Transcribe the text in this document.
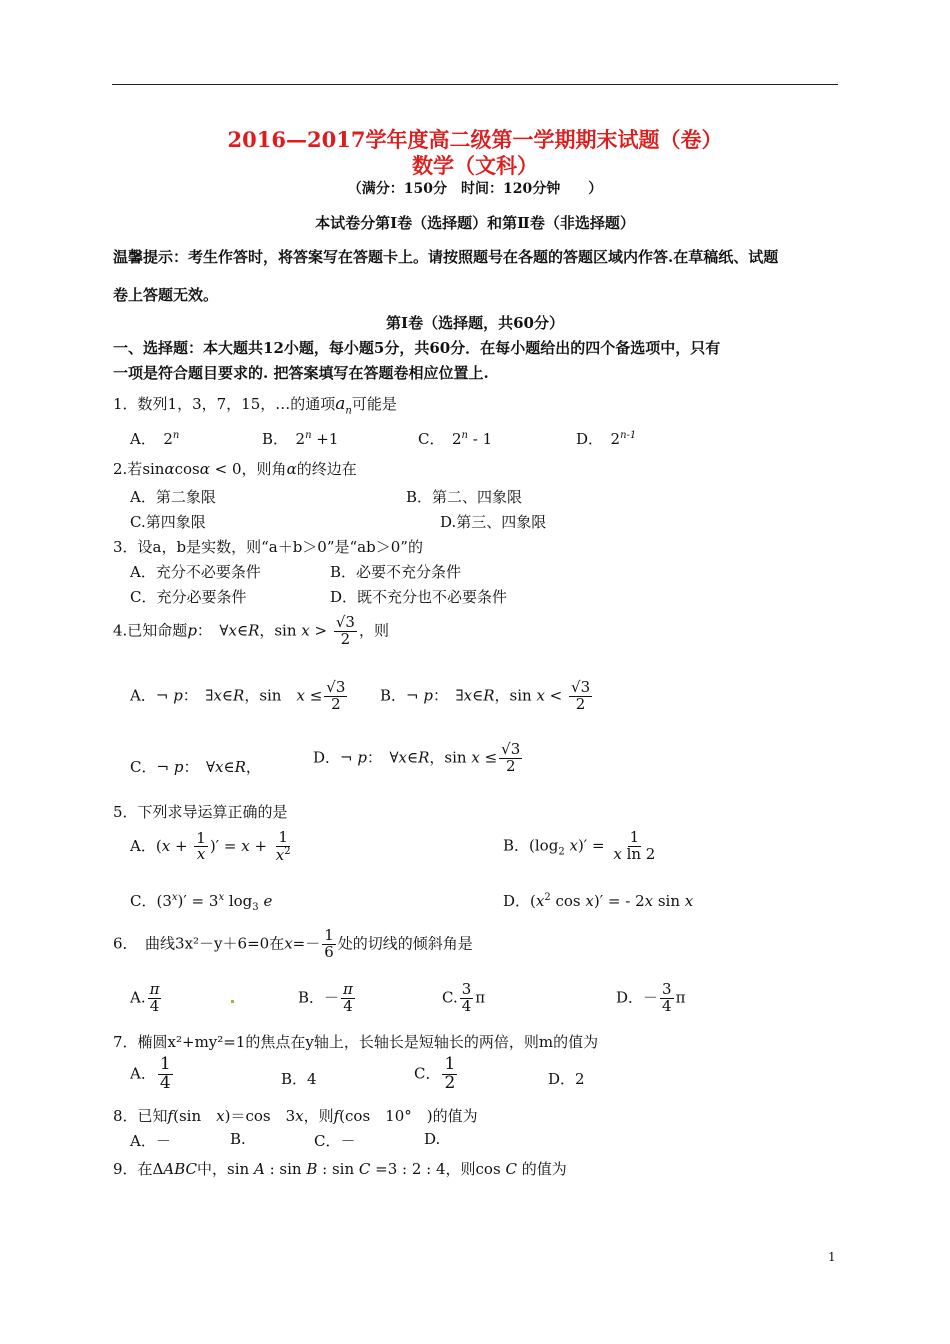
2016—2017学年度高二级第一学期期末试题（卷）
数学（文科）
（满分：150分　时间：120分钟　　）
本试卷分第Ⅰ卷（选择题）和第Ⅱ卷（非选择题）
温馨提示：考生作答时，将答案写在答题卡上。请按照题号在各题的答题区域内作答.在草稿纸、试题
卷上答题无效。
第Ⅰ卷（选择题，共60分）
一、选择题：本大题共12小题，每小题5分，共60分．在每小题给出的四个备选项中，只有
一项是符合题目要求的. 把答案填写在答题卷相应位置上.
1．数列1，3，7，15，…的通项$a_n$可能是
A．　2$^n$	B．　$2^n +1$	C．　2$^n$ - 1	D．　2$^{n-1}$
2.若sinαcosα < 0，则角α的终边在
A．第二象限	B．第二、四象限
C.第四象限	D.第三、四象限
3．设a，b是实数，则“a＋b＞0”是“ab＞0”的
A．充分不必要条件	B．必要不充分条件
C．充分必要条件	D．既不充分也不必要条件
4.已知命题p：　∀x∈R，$\sin x > \frac{√3}{2}$ ，则
A．¬ p：　∃x∈R，sin　$x \le \frac{√3}{2}$ B．¬ p：　∃x∈R，$\sin x < \frac{√3}{2}$
C．¬ p：　∀x∈R，
D．¬ p：　∀x∈R，$\sin x \le \frac{√3}{2}$
5．下列求导运算正确的是
A．($x + \frac{1}{x}$ )′ = $x + \frac{1}{x^2}$	B．($\log_2$ $x)' = \frac{1}{\text{x ln 2}}$
C．$(3^x)' = 3^x$ $\log_3 e$	D．($x^2$ cos x)′ = - 2x sin x
6．　曲线3x²－y＋6=0在$x=- \frac{1}{6}$ 处的切线的倾斜角是
A. $\frac{\pi}{4}$	B．－ $\frac{\pi}{4}$	C. $\frac{3}{4}$ π	D．－ $\frac{3}{4}$ π
7．椭圆x²+my²=1的焦点在y轴上，长轴长是短轴长的两倍，则m的值为
A． $\frac{1}{4}$	B．4	C． $\frac{1}{2}$	D．2
8．已知f(sin　x)＝cos　3x，则f(cos　10°　)的值为
A．－	B.	C．－	D.
9．在ΔABC中，sin A : sin B : sin C =3 : 2 : 4，则cos C 的值为
1
